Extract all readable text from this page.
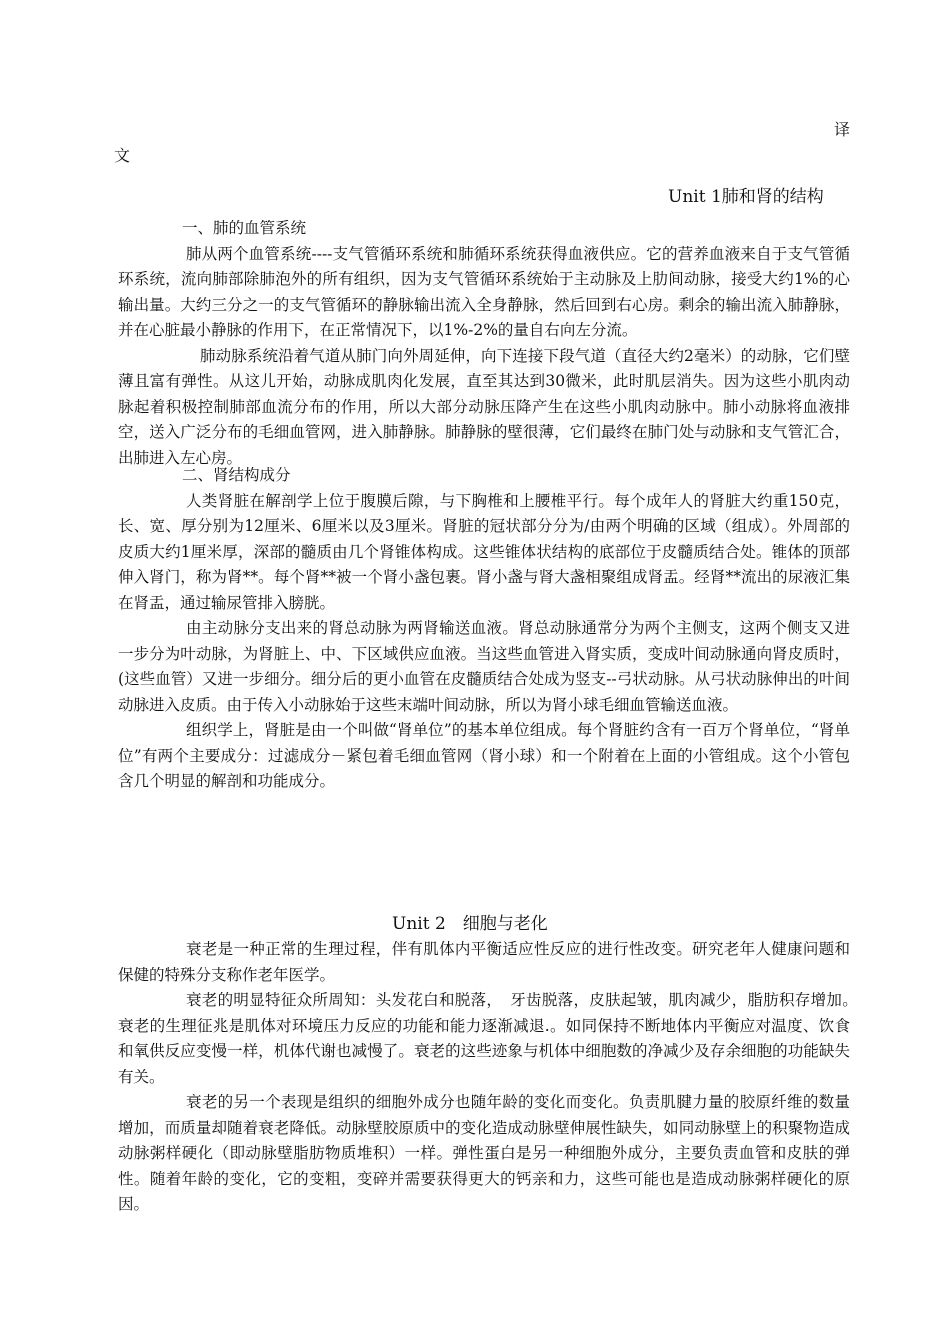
译
文
Unit 1肺和肾的结构

一、肺的血管系统

肺从两个血管系统----支气管循环系统和肺循环系统获得血液供应。它的营养血液来自于支气管循环系统，流向肺部除肺泡外的所有组织，因为支气管循环系统始于主动脉及上肋间动脉，接受大约1%的心输出量。大约三分之一的支气管循环的静脉输出流入全身静脉，然后回到右心房。剩余的输出流入肺静脉，并在心脏最小静脉的作用下，在正常情况下，以1%-2%的量自右向左分流。

肺动脉系统沿着气道从肺门向外周延伸，向下连接下段气道（直径大约2毫米）的动脉，它们壁薄且富有弹性。从这儿开始，动脉成肌肉化发展，直至其达到30微米，此时肌层消失。因为这些小肌肉动脉起着积极控制肺部血流分布的作用，所以大部分动脉压降产生在这些小肌肉动脉中。肺小动脉将血液排空，送入广泛分布的毛细血管网，进入肺静脉。肺静脉的壁很薄，它们最终在肺门处与动脉和支气管汇合，出肺进入左心房。

二、肾结构成分

人类肾脏在解剖学上位于腹膜后隙，与下胸椎和上腰椎平行。每个成年人的肾脏大约重150克，长、宽、厚分别为12厘米、6厘米以及3厘米。肾脏的冠状部分分为/由两个明确的区域（组成）。外周部的皮质大约1厘米厚，深部的髓质由几个肾锥体构成。这些锥体状结构的底部位于皮髓质结合处。锥体的顶部伸入肾门，称为肾**。每个肾**被一个肾小盏包裹。肾小盏与肾大盏相聚组成肾盂。经肾**流出的尿液汇集在肾盂，通过输尿管排入膀胱。

由主动脉分支出来的肾总动脉为两肾输送血液。肾总动脉通常分为两个主侧支，这两个侧支又进一步分为叶动脉，为肾脏上、中、下区域供应血液。当这些血管进入肾实质，变成叶间动脉通向肾皮质时，(这些血管）又进一步细分。细分后的更小血管在皮髓质结合处成为竖支--弓状动脉。从弓状动脉伸出的叶间动脉进入皮质。由于传入小动脉始于这些末端叶间动脉，所以为肾小球毛细血管输送血液。

组织学上，肾脏是由一个叫做“肾单位”的基本单位组成。每个肾脏约含有一百万个肾单位，“肾单位”有两个主要成分：过滤成分－紧包着毛细血管网（肾小球）和一个附着在上面的小管组成。这个小管包含几个明显的解剖和功能成分。

Unit 2　细胞与老化

衰老是一种正常的生理过程，伴有肌体内平衡适应性反应的进行性改变。研究老年人健康问题和保健的特殊分支称作老年医学。

衰老的明显特征众所周知：头发花白和脱落，　牙齿脱落，皮肤起皱，肌肉减少，脂肪积存增加。　衰老的生理征兆是肌体对环境压力反应的功能和能力逐渐减退.。如同保持不断地体内平衡应对温度、饮食和氧供反应变慢一样，机体代谢也减慢了。衰老的这些迹象与机体中细胞数的净减少及存余细胞的功能缺失有关。

衰老的另一个表现是组织的细胞外成分也随年龄的变化而变化。负责肌腱力量的胶原纤维的数量增加，而质量却随着衰老降低。动脉壁胶原质中的变化造成动脉壁伸展性缺失，如同动脉壁上的积聚物造成动脉粥样硬化（即动脉壁脂肪物质堆积）一样。弹性蛋白是另一种细胞外成分，主要负责血管和皮肤的弹性。随着年龄的变化，它的变粗，变碎并需要获得更大的钙亲和力，这些可能也是造成动脉粥样硬化的原因。
